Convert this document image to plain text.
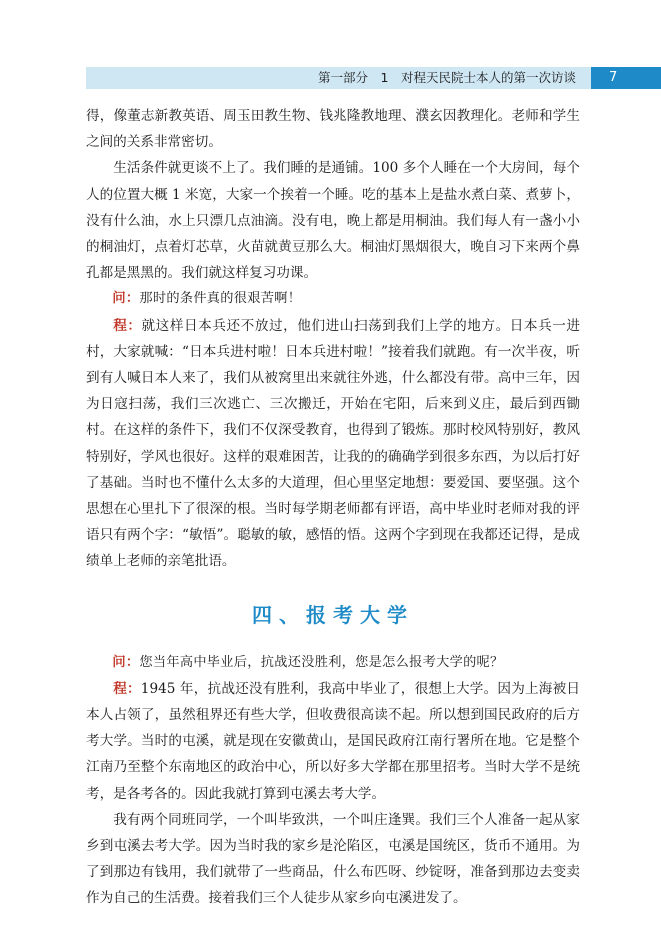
第一部分　1　对程天民院士本人的第一次访谈	7

得，像董志新教英语、周玉田教生物、钱兆隆教地理、濮玄因教理化。老师和学生之间的关系非常密切。

生活条件就更谈不上了。我们睡的是通铺。100 多个人睡在一个大房间，每个人的位置大概 1 米宽，大家一个挨着一个睡。吃的基本上是盐水煮白菜、煮萝卜，没有什么油，水上只漂几点油滴。没有电，晚上都是用桐油。我们每人有一盏小小的桐油灯，点着灯芯草，火苗就黄豆那么大。桐油灯黑烟很大，晚自习下来两个鼻孔都是黑黑的。我们就这样复习功课。

问：那时的条件真的很艰苦啊！

程：就这样日本兵还不放过，他们进山扫荡到我们上学的地方。日本兵一进村，大家就喊：“日本兵进村啦！日本兵进村啦！”接着我们就跑。有一次半夜，听到有人喊日本人来了，我们从被窝里出来就往外逃，什么都没有带。高中三年，因为日寇扫荡，我们三次逃亡、三次搬迁，开始在宅阳，后来到义庄，最后到西锄村。在这样的条件下，我们不仅深受教育，也得到了锻炼。那时校风特别好，教风特别好，学风也很好。这样的艰难困苦，让我的的确确学到很多东西，为以后打好了基础。当时也不懂什么太多的大道理，但心里坚定地想：要爱国、要坚强。这个思想在心里扎下了很深的根。当时每学期老师都有评语，高中毕业时老师对我的评语只有两个字：“敏悟”。聪敏的敏，感悟的悟。这两个字到现在我都还记得，是成绩单上老师的亲笔批语。

四、报考大学

问：您当年高中毕业后，抗战还没胜利，您是怎么报考大学的呢？

程：1945 年，抗战还没有胜利，我高中毕业了，很想上大学。因为上海被日本人占领了，虽然租界还有些大学，但收费很高读不起。所以想到国民政府的后方考大学。当时的屯溪，就是现在安徽黄山，是国民政府江南行署所在地。它是整个江南乃至整个东南地区的政治中心，所以好多大学都在那里招考。当时大学不是统考，是各考各的。因此我就打算到屯溪去考大学。

我有两个同班同学，一个叫毕致洪，一个叫庄逢巽。我们三个人准备一起从家乡到屯溪去考大学。因为当时我的家乡是沦陷区，屯溪是国统区，货币不通用。为了到那边有钱用，我们就带了一些商品，什么布匹呀、纱锭呀，准备到那边去变卖作为自己的生活费。接着我们三个人徒步从家乡向屯溪进发了。
